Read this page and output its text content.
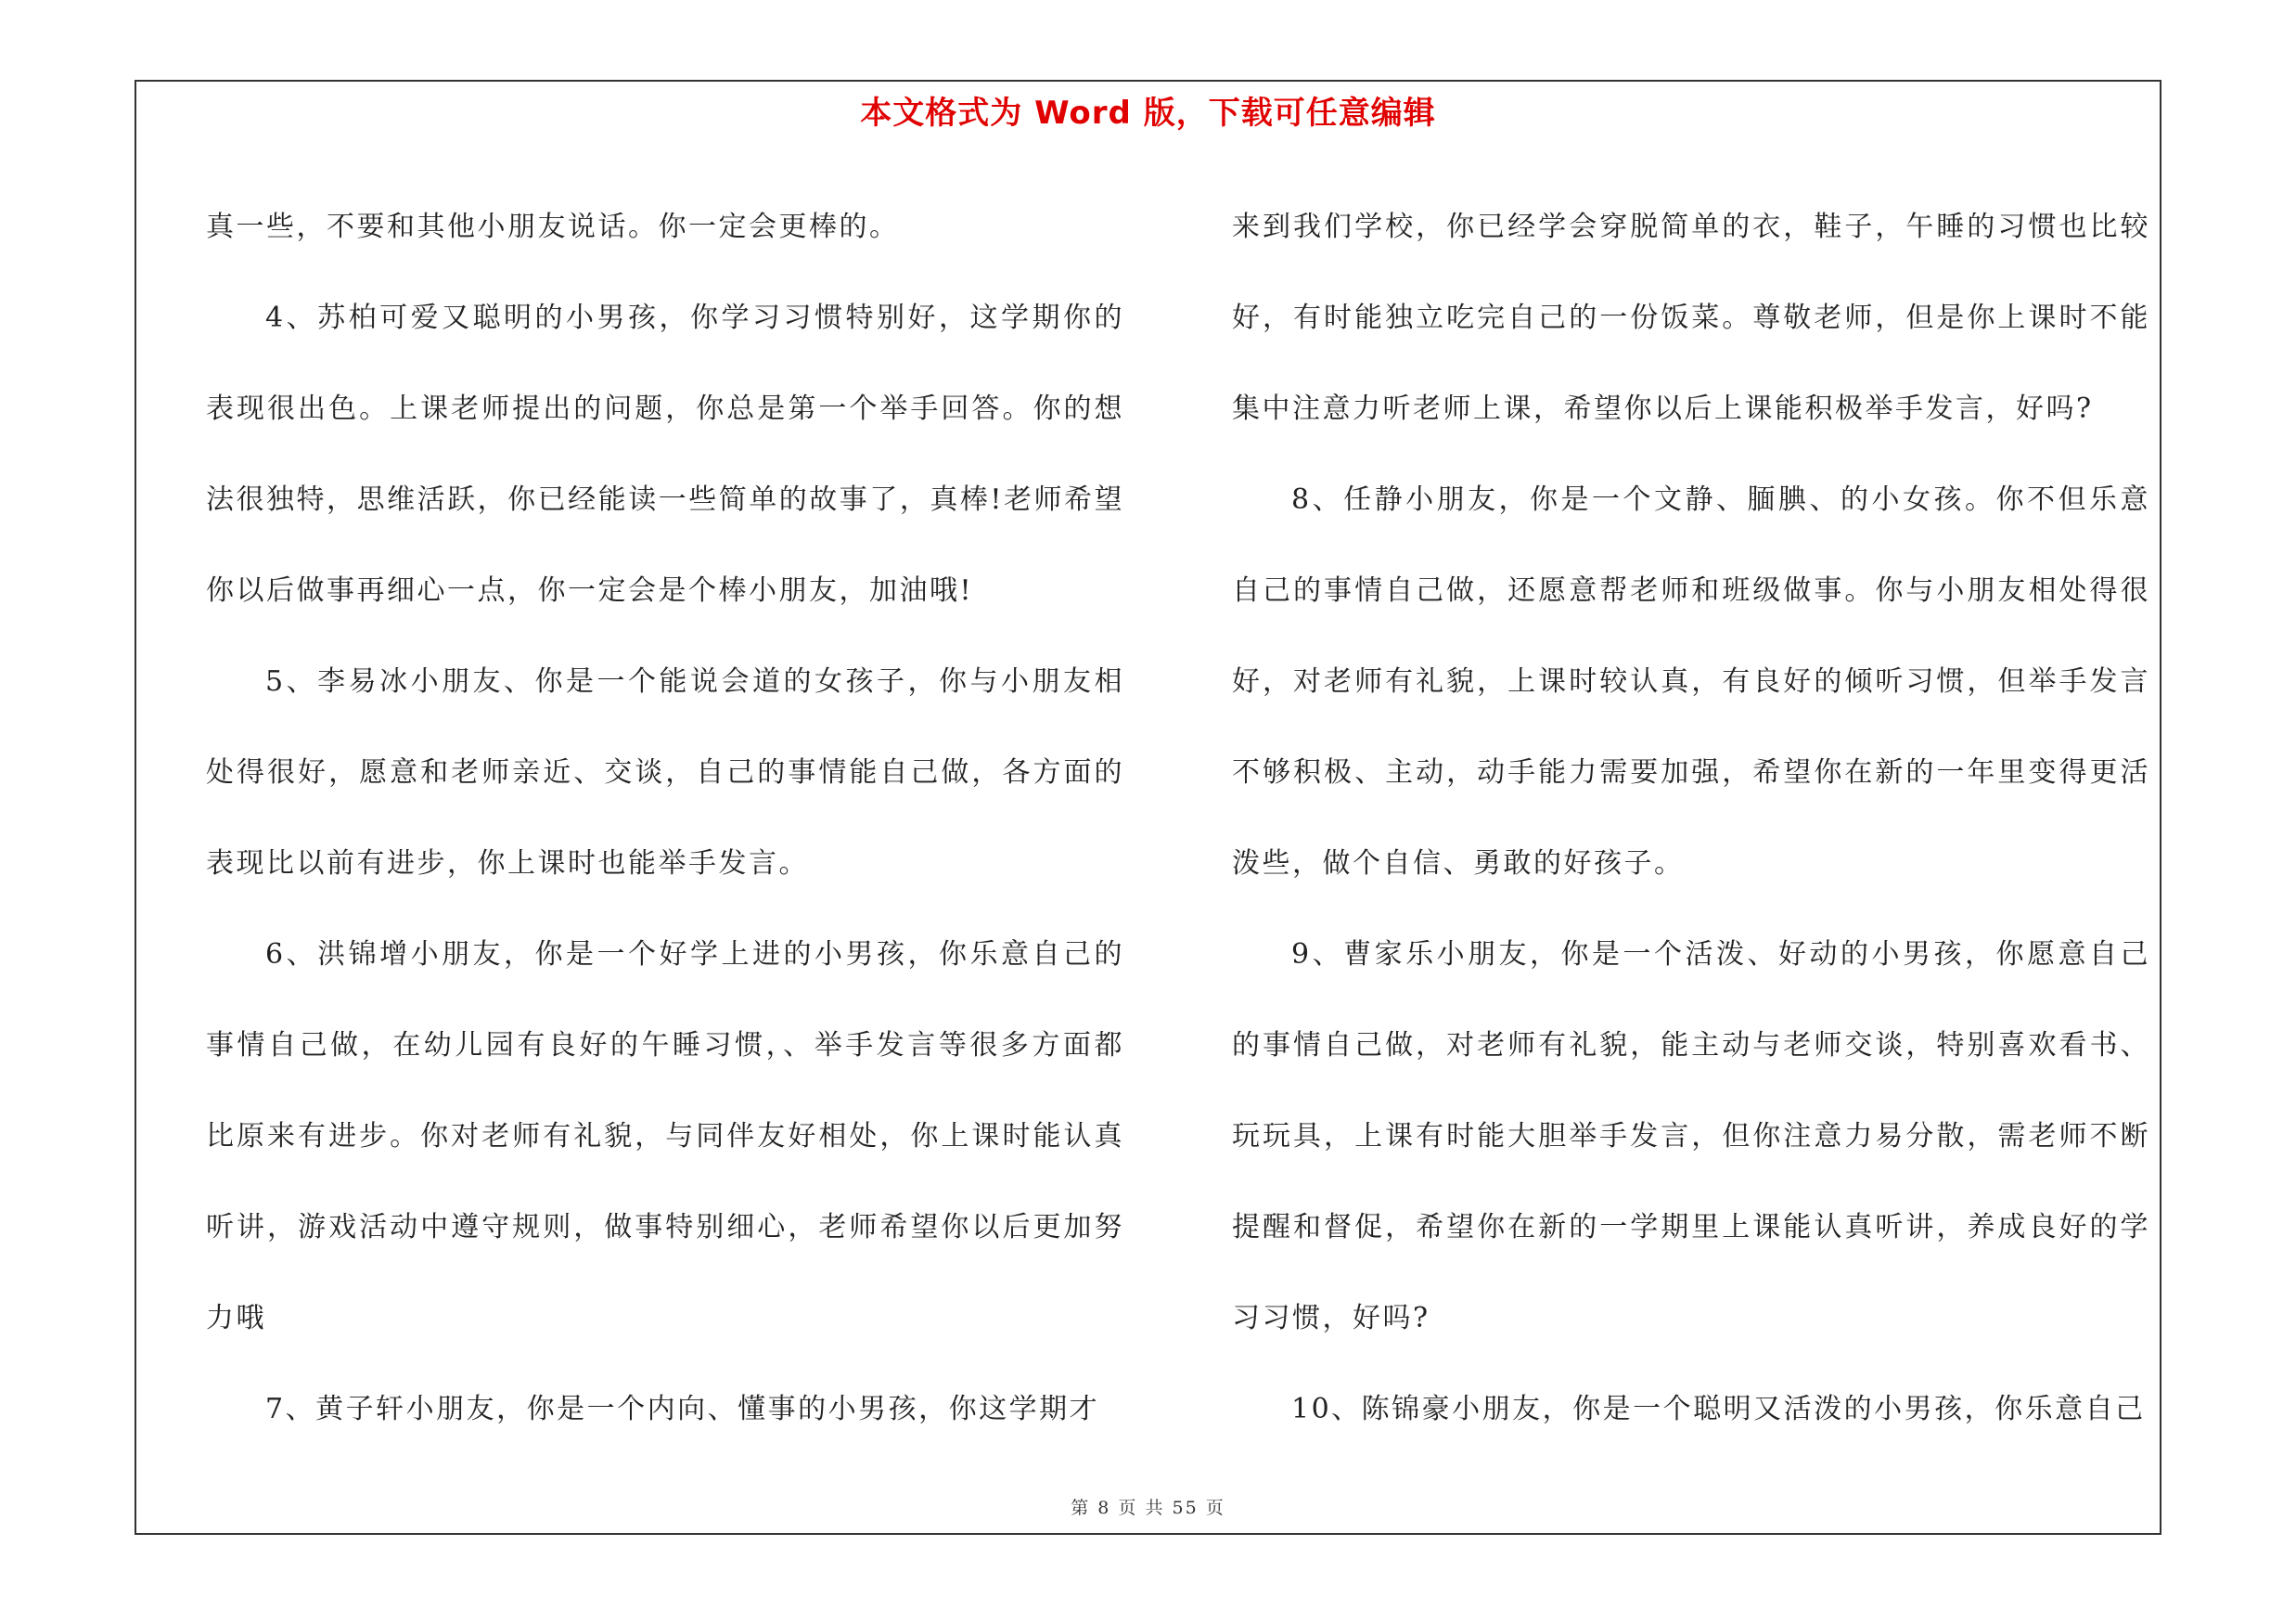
本文格式为 Word 版，下载可任意编辑

真一些，不要和其他小朋友说话。你一定会更棒的。

4、苏柏可爱又聪明的小男孩，你学习习惯特别好，这学期你的表现很出色。上课老师提出的问题，你总是第一个举手回答。你的想法很独特，思维活跃，你已经能读一些简单的故事了，真棒!老师希望你以后做事再细心一点，你一定会是个棒小朋友，加油哦!

5、李易冰小朋友、你是一个能说会道的女孩子，你与小朋友相处得很好，愿意和老师亲近、交谈，自己的事情能自己做，各方面的表现比以前有进步，你上课时也能举手发言。

6、洪锦增小朋友，你是一个好学上进的小男孩，你乐意自己的事情自己做，在幼儿园有良好的午睡习惯，、举手发言等很多方面都比原来有进步。你对老师有礼貌，与同伴友好相处，你上课时能认真听讲，游戏活动中遵守规则，做事特别细心，老师希望你以后更加努力哦

7、黄子轩小朋友，你是一个内向、懂事的小男孩，你这学期才

来到我们学校，你已经学会穿脱简单的衣，鞋子，午睡的习惯也比较好，有时能独立吃完自己的一份饭菜。尊敬老师，但是你上课时不能集中注意力听老师上课，希望你以后上课能积极举手发言，好吗?

8、任静小朋友，你是一个文静、腼腆、的小女孩。你不但乐意自己的事情自己做，还愿意帮老师和班级做事。你与小朋友相处得很好，对老师有礼貌，上课时较认真，有良好的倾听习惯，但举手发言不够积极、主动，动手能力需要加强，希望你在新的一年里变得更活泼些，做个自信、勇敢的好孩子。

9、曹家乐小朋友，你是一个活泼、好动的小男孩，你愿意自己的事情自己做，对老师有礼貌，能主动与老师交谈，特别喜欢看书、玩玩具，上课有时能大胆举手发言，但你注意力易分散，需老师不断提醒和督促，希望你在新的一学期里上课能认真听讲，养成良好的学习习惯，好吗?

10、陈锦豪小朋友，你是一个聪明又活泼的小男孩，你乐意自己

第 8 页 共 55 页
